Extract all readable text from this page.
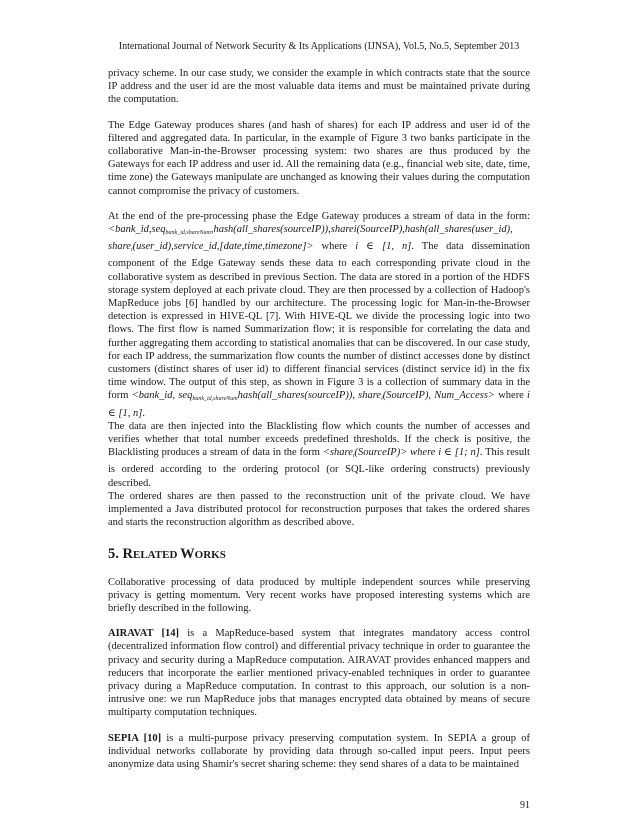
International Journal of Network Security & Its Applications (IJNSA), Vol.5, No.5, September 2013

privacy scheme. In our case study, we consider the example in which contracts state that the source IP address and the user id are the most valuable data items and must be maintained private during the computation.

The Edge Gateway produces shares (and hash of shares) for each IP address and user id of the filtered and aggregated data. In particular, in the example of Figure 3 two banks participate in the collaborative Man-in-the-Browser processing system: two shares are thus produced by the Gateways for each IP address and user id. All the remaining data (e.g., financial web site, date, time, time zone) the Gateways manipulate are unchanged as knowing their values during the computation cannot compromise the privacy of customers.

At the end of the pre-processing phase the Edge Gateway produces a stream of data in the form: <bank_id,seq$_{bank\_id,shareNum}$,hash(all_shares(sourceIP)),sharei(SourceIP),hash(all_shares(user_id), share$_i$(user_id),service_id,[date,time,timezone]> where i ∈ [1, n]. The data dissemination component of the Edge Gateway sends these data to each corresponding private cloud in the collaborative system as described in previous Section. The data are stored in a portion of the HDFS storage system deployed at each private cloud. They are then processed by a collection of Hadoop's MapReduce jobs [6] handled by our architecture. The processing logic for Man-in-the-Browser detection is expressed in HIVE-QL [7]. With HIVE-QL we divide the processing logic into two flows. The first flow is named Summarization flow; it is responsible for correlating the data and further aggregating them according to statistical anomalies that can be discovered. In our case study, for each IP address, the summarization flow counts the number of distinct accesses done by distinct customers (distinct shares of user id) to different financial services (distinct service id) in the fix time window. The output of this step, as shown in Figure 3 is a collection of summary data in the form <bank_id, seq$_{bank\_id,shareNum}$hash(all_shares(sourceIP)), share$_i$(SourceIP), Num_Access> where i ∈ [1, n].

The data are then injected into the Blacklisting flow which counts the number of accesses and verifies whether that total number exceeds predefined thresholds. If the check is positive, the Blacklisting produces a stream of data in the form <share$_i$(SourceIP)> where i ∈ [1; n]. This result is ordered according to the ordering protocol (or SQL-like ordering constructs) previously described.

The ordered shares are then passed to the reconstruction unit of the private cloud. We have implemented a Java distributed protocol for reconstruction purposes that takes the ordered shares and starts the reconstruction algorithm as described above.

5. RELATED WORKS

Collaborative processing of data produced by multiple independent sources while preserving privacy is getting momentum. Very recent works have proposed interesting systems which are briefly described in the following.

AIRAVAT [14] is a MapReduce-based system that integrates mandatory access control (decentralized information flow control) and differential privacy technique in order to guarantee the privacy and security during a MapReduce computation. AIRAVAT provides enhanced mappers and reducers that incorporate the earlier mentioned privacy-enabled techniques in order to guarantee privacy during a MapReduce computation. In contrast to this approach, our solution is a non-intrusive one: we run MapReduce jobs that manages encrypted data obtained by means of secure multiparty computation techniques.

SEPIA [10] is a multi-purpose privacy preserving computation system. In SEPIA a group of individual networks collaborate by providing data through so-called input peers. Input peers anonymize data using Shamir's secret sharing scheme: they send shares of a data to be maintained

91
